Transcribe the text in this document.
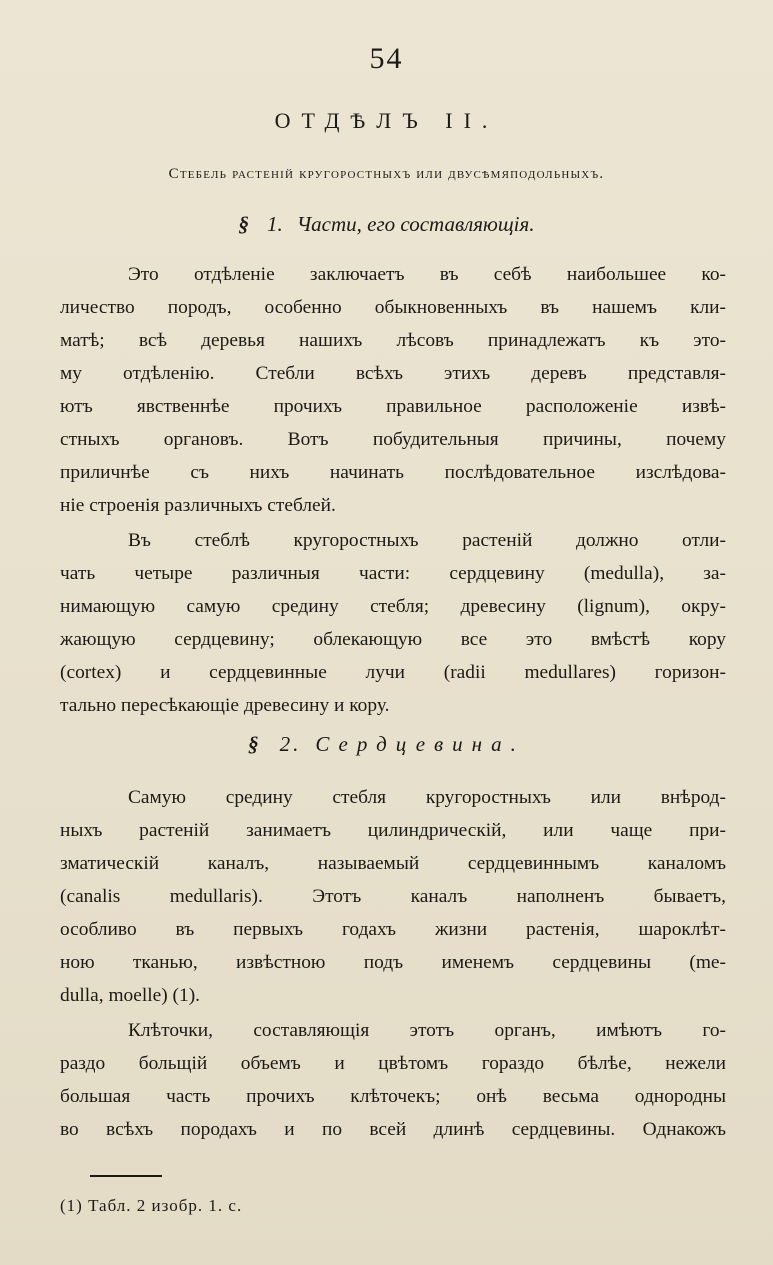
54
ОТДѢЛЪ II.
Стебель растеній кругоростныхъ или двусѣмяподольныхъ.
§ 1. Части, его составляющія.
Это отдѣленіе заключаетъ въ себѣ наибольшее ко-
личество породъ, особенно обыкновенныхъ въ нашемъ кли-
матѣ; всѣ деревья нашихъ лѣсовъ принадлежатъ къ это-
му отдѣленію. Стебли всѣхъ этихъ деревъ представля-
ютъ явственнѣе прочихъ правильное расположеніе извѣ-
стныхъ органовъ. Вотъ побудительныя причины, почему
приличнѣе съ нихъ начинать послѣдовательное изслѣдова-
ніе строенія различныхъ стеблей.
Въ стеблѣ кругоростныхъ растеній должно отли-
чать четыре различныя части: сердцевину (medulla), за-
нимающую самую средину стебля; древесину (lignum), окру-
жающую сердцевину; облекающую все это вмѣстѣ кору
(cortex) и сердцевинные лучи (radii medullares) горизон-
тально пересѣкающіе древесину и кору.
§ 2. Сердцевина.
Самую средину стебля кругоростныхъ или внѣрод-
ныхъ растеній занимаетъ цилиндрическій, или чаще при-
зматическій каналъ, называемый сердцевиннымъ каналомъ
(canalis medullaris). Этотъ каналъ наполненъ бываетъ,
особливо въ первыхъ годахъ жизни растенія, шароклѣт-
ною тканью, извѣстною подъ именемъ сердцевины (me-
dulla, moelle) (1).
Клѣточки, составляющія этотъ органъ, имѣютъ го-
раздо больщій объемъ и цвѣтомъ гораздо бѣлѣе, нежели
большая часть прочихъ клѣточекъ; онѣ весьма однородны
во всѣхъ породахъ и по всей длинѣ сердцевины. Однакожъ
(1) Табл. 2 изобр. 1. с.
